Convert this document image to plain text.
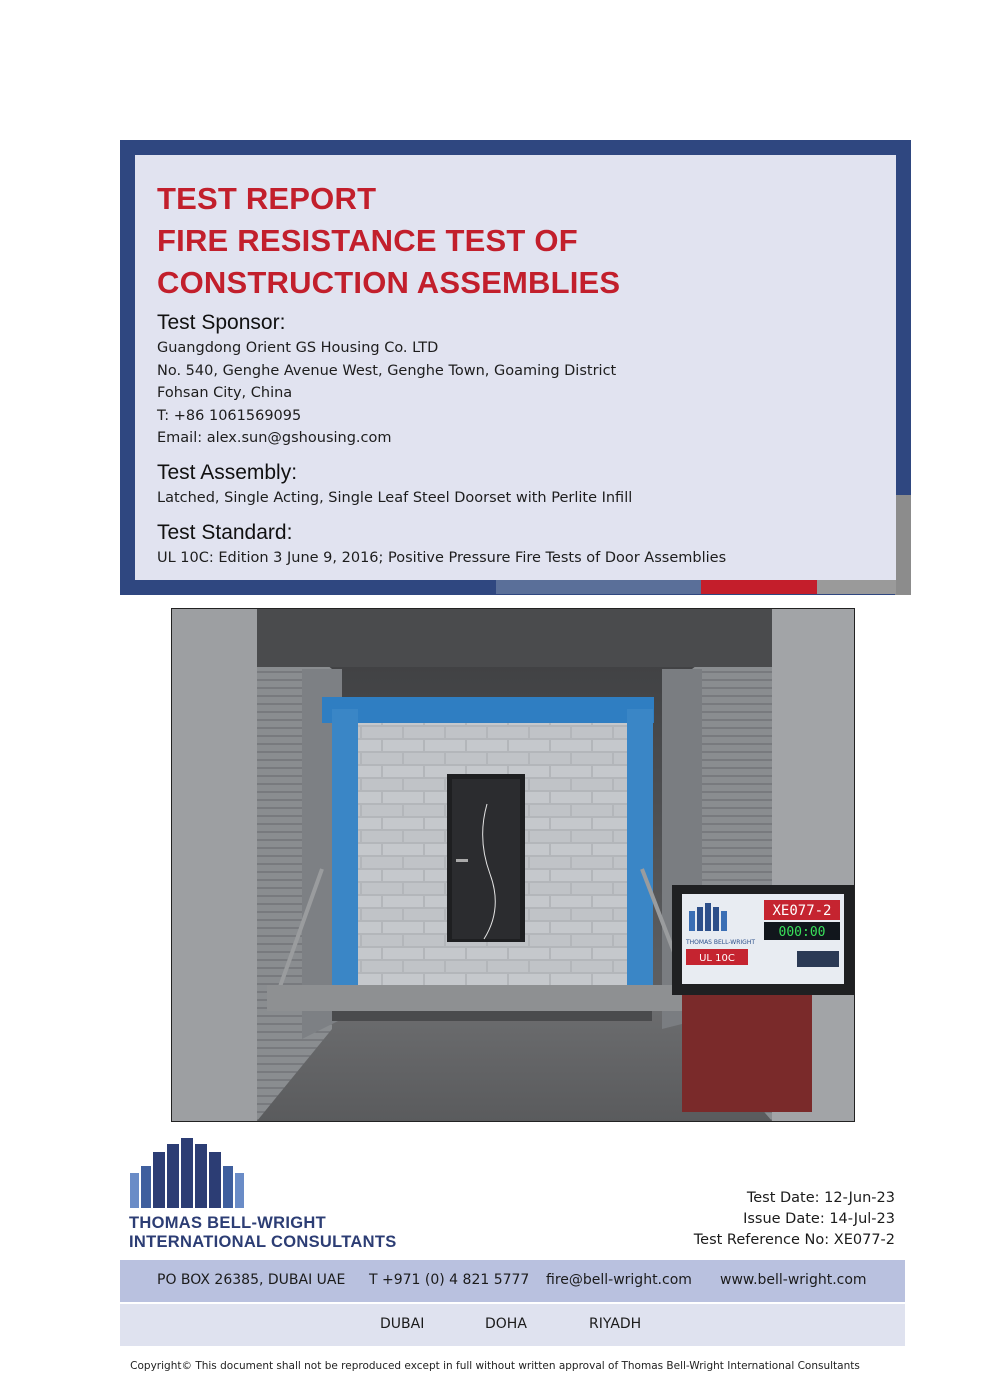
TEST REPORT
FIRE RESISTANCE TEST OF
CONSTRUCTION ASSEMBLIES
Test Sponsor:
Guangdong Orient GS Housing Co. LTD
No. 540, Genghe Avenue West, Genghe Town, Goaming District
Fohsan City, China
T: +86 1061569095
Email: alex.sun@gshousing.com
Test Assembly:
Latched, Single Acting, Single Leaf Steel Doorset with Perlite Infill
Test Standard:
UL 10C: Edition 3 June 9, 2016; Positive Pressure Fire Tests of Door Assemblies
XE077-2
000:00
THOMAS BELL-WRIGHT
UL 10C
THOMAS BELL-WRIGHT
INTERNATIONAL CONSULTANTS
Test Date: 12-Jun-23
Issue Date: 14-Jul-23
Test Reference No: XE077-2
PO BOX 26385, DUBAI UAE T +971 (0) 4 821 5777 fire@bell-wright.com www.bell-wright.com
DUBAI	DOHA	RIYADH
Copyright© This document shall not be reproduced except in full without written approval of Thomas Bell-Wright International Consultants
